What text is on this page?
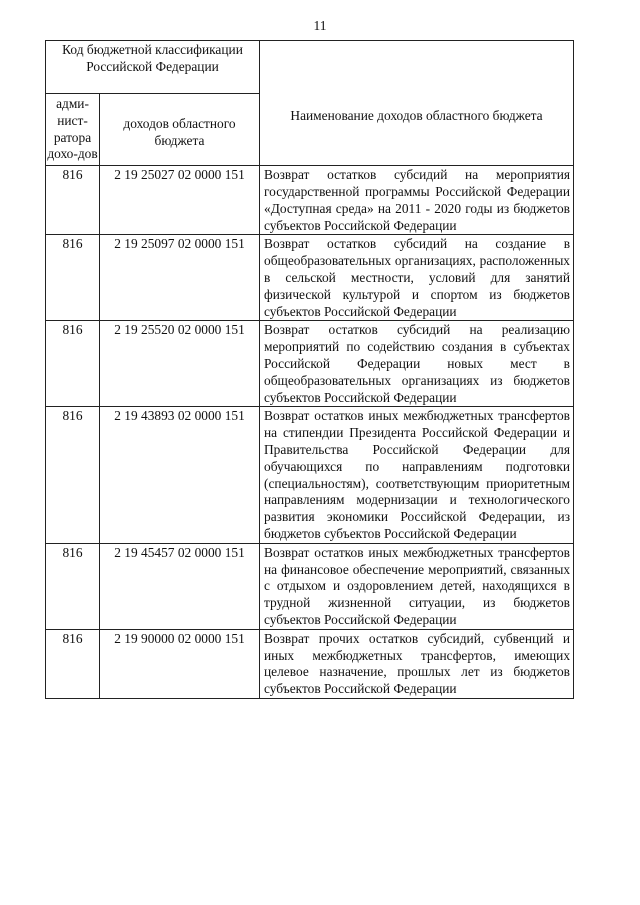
11
Код бюджетной классификации Российской Федерации		Наименование доходов областного бюджета
адми-нист-ратора дохо-дов	доходов областного бюджета	
816	2 19 25027 02 0000 151	Возврат остатков субсидий на мероприятия государственной программы Российской Федерации «Доступная среда» на 2011 - 2020 годы из бюджетов субъектов Российской Федерации
816	2 19 25097 02 0000 151	Возврат остатков субсидий на создание в общеобразовательных организациях, расположенных в сельской местности, условий для занятий физической культурой и спортом из бюджетов субъектов Российской Федерации
816	2 19 25520 02 0000 151	Возврат остатков субсидий на реализацию мероприятий по содействию создания в субъектах Российской Федерации новых мест в общеобразовательных организациях из бюджетов субъектов Российской Федерации
816	2 19 43893 02 0000 151	Возврат остатков иных межбюджетных трансфертов на стипендии Президента Российской Федерации и Правительства Российской Федерации для обучающихся по направлениям подготовки (специальностям), соответствующим приоритетным направлениям модернизации и технологического развития экономики Российской Федерации, из бюджетов субъектов Российской Федерации
816	2 19 45457 02 0000 151	Возврат остатков иных межбюджетных трансфертов на финансовое обеспечение мероприятий, связанных с отдыхом и оздоровлением детей, находящихся в трудной жизненной ситуации, из бюджетов субъектов Российской Федерации
816	2 19 90000 02 0000 151	Возврат прочих остатков субсидий, субвенций и иных межбюджетных трансфертов, имеющих целевое назначение, прошлых лет из бюджетов субъектов Российской Федерации
